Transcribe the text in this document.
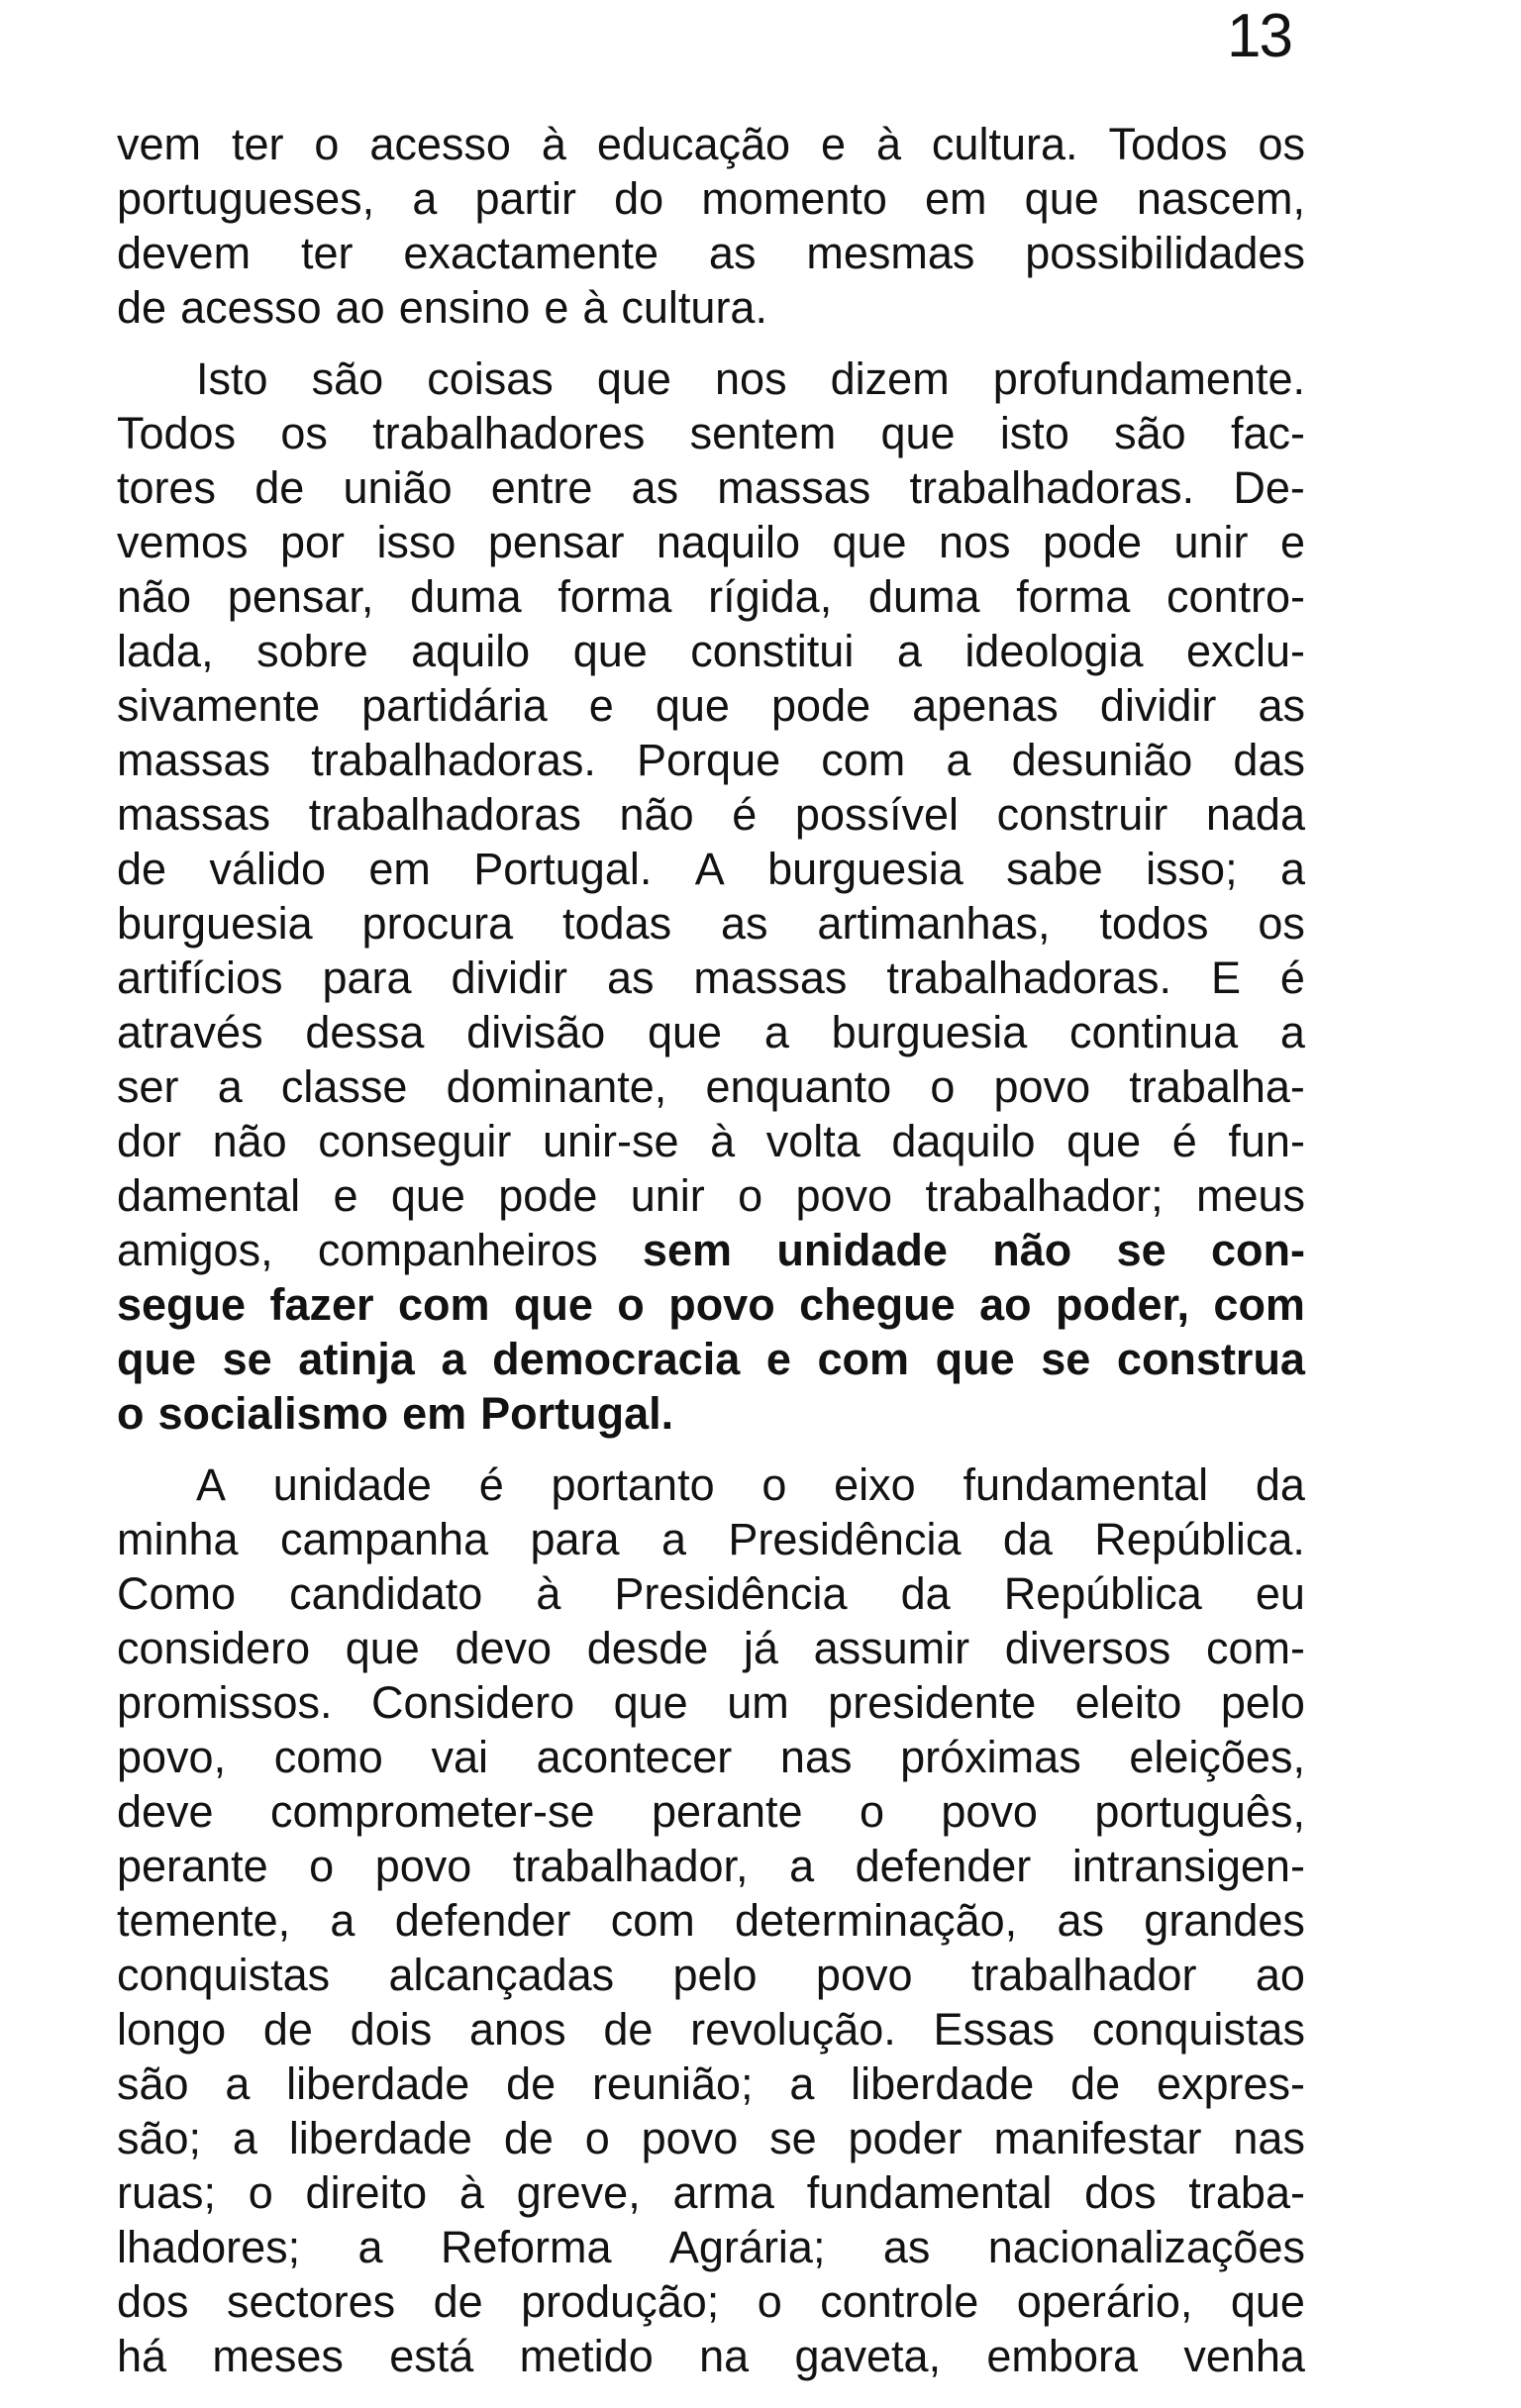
13
vem ter o acesso à educação e à cultura. Todos os
portugueses, a partir do momento em que nascem,
devem ter exactamente as mesmas possibilidades
de acesso ao ensino e à cultura.
Isto são coisas que nos dizem profundamente.
Todos os trabalhadores sentem que isto são fac-
tores de união entre as massas trabalhadoras. De-
vemos por isso pensar naquilo que nos pode unir e
não pensar, duma forma rígida, duma forma contro-
lada, sobre aquilo que constitui a ideologia exclu-
sivamente partidária e que pode apenas dividir as
massas trabalhadoras. Porque com a desunião das
massas trabalhadoras não é possível construir nada
de válido em Portugal. A burguesia sabe isso; a
burguesia procura todas as artimanhas, todos os
artifícios para dividir as massas trabalhadoras. E é
através dessa divisão que a burguesia continua a
ser a classe dominante, enquanto o povo trabalha-
dor não conseguir unir-se à volta daquilo que é fun-
damental e que pode unir o povo trabalhador; meus
amigos, companheiros sem unidade não se con-
segue fazer com que o povo chegue ao poder, com
que se atinja a democracia e com que se construa
o socialismo em Portugal.
A unidade é portanto o eixo fundamental da
minha campanha para a Presidência da República.
Como candidato à Presidência da República eu
considero que devo desde já assumir diversos com-
promissos. Considero que um presidente eleito pelo
povo, como vai acontecer nas próximas eleições,
deve comprometer-se perante o povo português,
perante o povo trabalhador, a defender intransigen-
temente, a defender com determinação, as grandes
conquistas alcançadas pelo povo trabalhador ao
longo de dois anos de revolução. Essas conquistas
são a liberdade de reunião; a liberdade de expres-
são; a liberdade de o povo se poder manifestar nas
ruas; o direito à greve, arma fundamental dos traba-
lhadores; a Reforma Agrária; as nacionalizações
dos sectores de produção; o controle operário, que
há meses está metido na gaveta, embora venha
